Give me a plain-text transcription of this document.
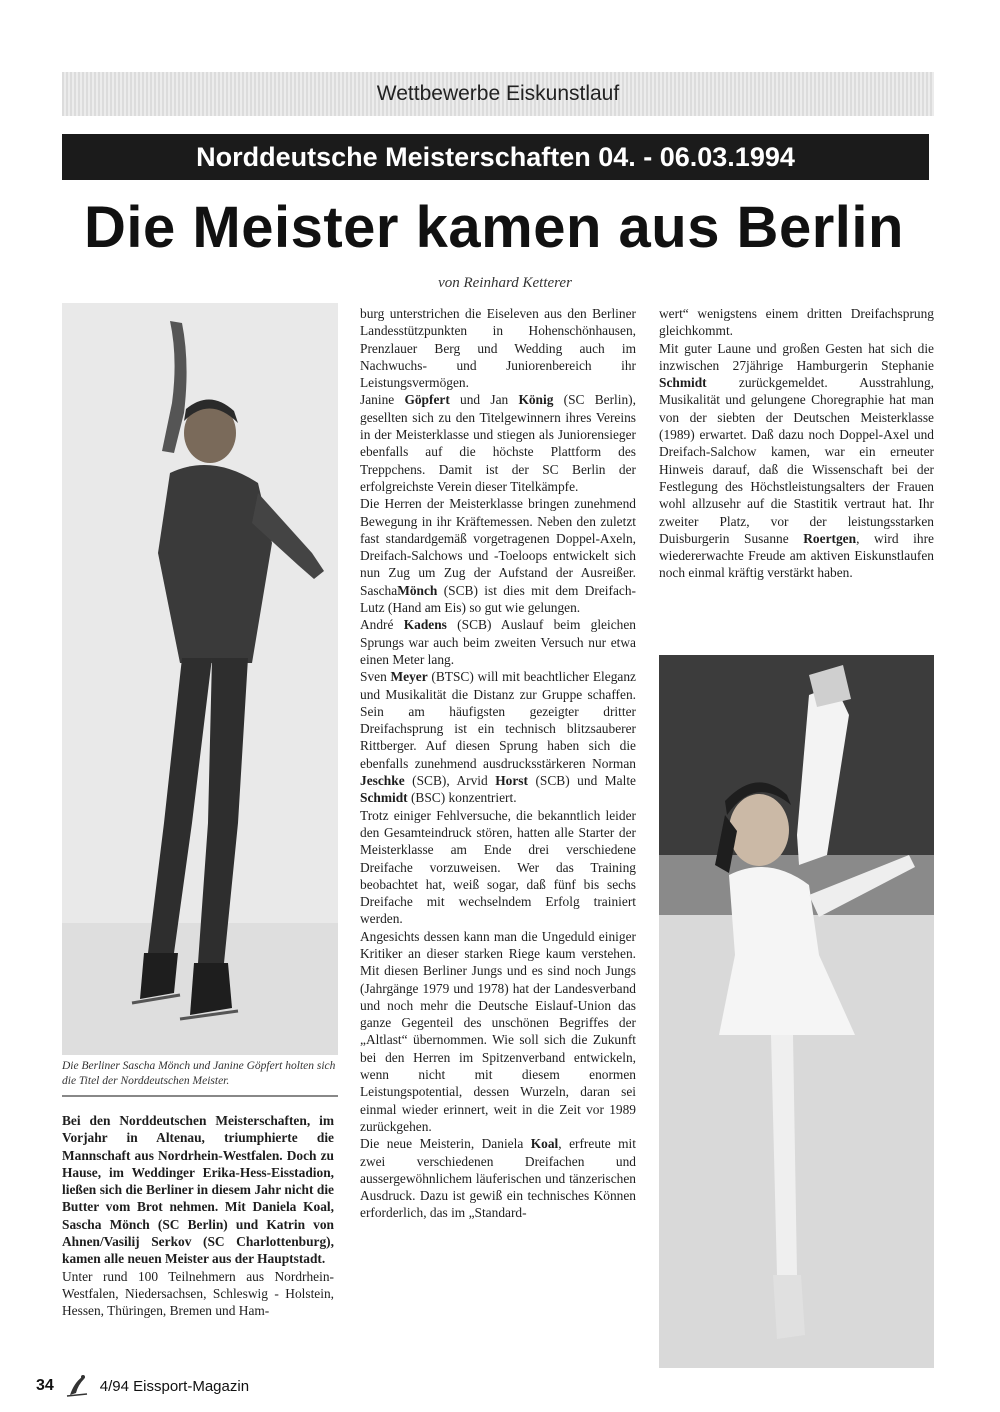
Wettbewerbe Eiskunstlauf
Norddeutsche Meisterschaften 04. - 06.03.1994
Die Meister kamen aus Berlin
von Reinhard Ketterer
Die Berliner Sascha Mönch und Janine Göpfert holten sich die Titel der Norddeutschen Meister.

Bei den Norddeutschen Meisterschaften, im Vorjahr in Altenau, triumphierte die Mannschaft aus Nordrhein-Westfalen. Doch zu Hause, im Weddinger Erika-Hess-Eisstadion, ließen sich die Berliner in diesem Jahr nicht die Butter vom Brot nehmen. Mit Daniela Koal, Sascha Mönch (SC Berlin) und Katrin von Ahnen/Vasilij Serkov (SC Charlottenburg), kamen alle neuen Meister aus der Hauptstadt.

Unter rund 100 Teilnehmern aus Nordrhein-Westfalen, Niedersachsen, Schleswig - Holstein, Hessen, Thüringen, Bremen und Ham-

burg unterstrichen die Eiseleven aus den Berliner Landesstützpunkten in Hohenschönhausen, Prenzlauer Berg und Wedding auch im Nachwuchs- und Juniorenbereich ihr Leistungsvermögen.

Janine Göpfert und Jan König (SC Berlin), gesellten sich zu den Titelgewinnern ihres Vereins in der Meisterklasse und stiegen als Juniorensieger ebenfalls auf die höchste Plattform des Treppchens. Damit ist der SC Berlin der erfolgreichste Verein dieser Titelkämpfe.

Die Herren der Meisterklasse bringen zunehmend Bewegung in ihr Kräftemessen. Neben den zuletzt fast standardgemäß vorgetragenen Doppel-Axeln, Dreifach-Salchows und -Toeloops entwickelt sich nun Zug um Zug der Aufstand der Ausreißer. SaschaMönch (SCB) ist dies mit dem Dreifach-Lutz (Hand am Eis) so gut wie gelungen.

André Kadens (SCB) Auslauf beim gleichen Sprungs war auch beim zweiten Versuch nur etwa einen Meter lang.

Sven Meyer (BTSC) will mit beachtlicher Eleganz und Musikalität die Distanz zur Gruppe schaffen. Sein am häufigsten gezeigter dritter Dreifachsprung ist ein technisch blitzsauberer Rittberger. Auf diesen Sprung haben sich die ebenfalls zunehmend ausdrucksstärkeren Norman Jeschke (SCB), Arvid Horst (SCB) und Malte Schmidt (BSC) konzentriert.

Trotz einiger Fehlversuche, die bekanntlich leider den Gesamteindruck stören, hatten alle Starter der Meisterklasse am Ende drei verschiedene Dreifache vorzuweisen. Wer das Training beobachtet hat, weiß sogar, daß fünf bis sechs Dreifache mit wechselndem Erfolg trainiert werden.

Angesichts dessen kann man die Ungeduld einiger Kritiker an dieser starken Riege kaum verstehen. Mit diesen Berliner Jungs und es sind noch Jungs (Jahrgänge 1979 und 1978) hat der Landesverband und noch mehr die Deutsche Eislauf-Union das ganze Gegenteil des unschönen Begriffes der „Altlast“ übernommen. Wie soll sich die Zukunft bei den Herren im Spitzenverband entwickeln, wenn nicht mit diesem enormen Leistungspotential, dessen Wurzeln, daran sei einmal wieder erinnert, weit in die Zeit vor 1989 zurückgehen.

Die neue Meisterin, Daniela Koal, erfreute mit zwei verschiedenen Dreifachen und aussergewöhnlichem läuferischen und tänzerischen Ausdruck. Dazu ist gewiß ein technisches Können erforderlich, das im „Standard-

wert“ wenigstens einem dritten Dreifachsprung gleichkommt.

Mit guter Laune und großen Gesten hat sich die inzwischen 27jährige Hamburgerin Stephanie Schmidt zurückgemeldet. Ausstrahlung, Musikalität und gelungene Choregraphie hat man von der siebten der Deutschen Meisterklasse (1989) erwartet. Daß dazu noch Doppel-Axel und Dreifach-Salchow kamen, war ein erneuter Hinweis darauf, daß die Wissenschaft bei der Festlegung des Höchstleistungsalters der Frauen wohl allzusehr auf die Stastitik vertraut hat. Ihr zweiter Platz, vor der leistungsstarken Duisburgerin Susanne Roertgen, wird ihre wiedererwachte Freude am aktiven Eiskunstlaufen noch einmal kräftig verstärkt haben.

34	4/94 Eissport-Magazin
